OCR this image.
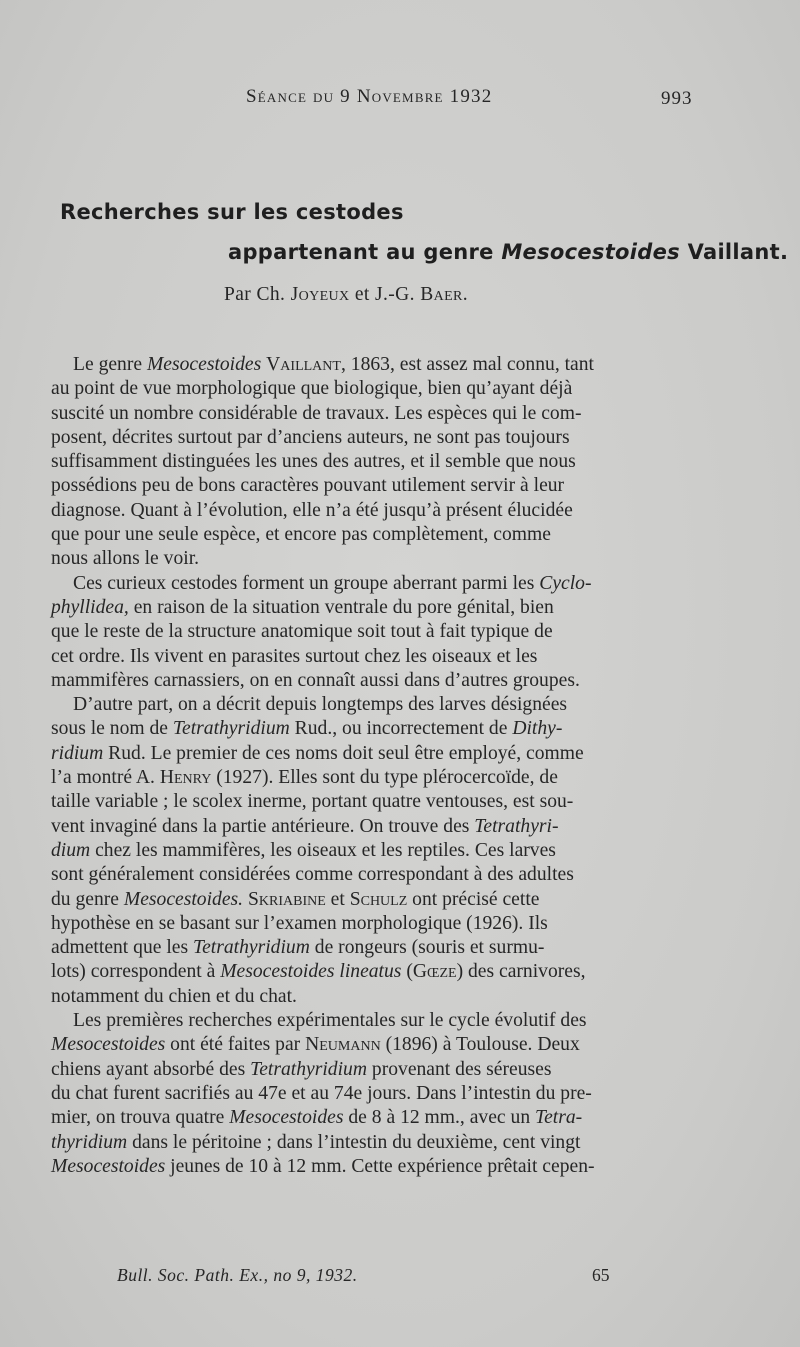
Séance du 9 Novembre 1932	993
Recherches sur les cestodes
appartenant au genre Mesocestoides Vaillant.
Par Ch. Joyeux et J.-G. Baer.
Le genre Mesocestoides Vaillant, 1863, est assez mal connu, tant
au point de vue morphologique que biologique, bien qu’ayant déjà
suscité un nombre considérable de travaux. Les espèces qui le com-
posent, décrites surtout par d’anciens auteurs, ne sont pas toujours
suffisamment distinguées les unes des autres, et il semble que nous
possédions peu de bons caractères pouvant utilement servir à leur
diagnose. Quant à l’évolution, elle n’a été jusqu’à présent élucidée
que pour une seule espèce, et encore pas complètement, comme
nous allons le voir.
Ces curieux cestodes forment un groupe aberrant parmi les Cyclo-
phyllidea, en raison de la situation ventrale du pore génital, bien
que le reste de la structure anatomique soit tout à fait typique de
cet ordre. Ils vivent en parasites surtout chez les oiseaux et les
mammifères carnassiers, on en connaît aussi dans d’autres groupes.
D’autre part, on a décrit depuis longtemps des larves désignées
sous le nom de Tetrathyridium Rud., ou incorrectement de Dithy-
ridium Rud. Le premier de ces noms doit seul être employé, comme
l’a montré A. Henry (1927). Elles sont du type plérocercoïde, de
taille variable ; le scolex inerme, portant quatre ventouses, est sou-
vent invaginé dans la partie antérieure. On trouve des Tetrathyri-
dium chez les mammifères, les oiseaux et les reptiles. Ces larves
sont généralement considérées comme correspondant à des adultes
du genre Mesocestoides. Skriabine et Schulz ont précisé cette
hypothèse en se basant sur l’examen morphologique (1926). Ils
admettent que les Tetrathyridium de rongeurs (souris et surmu-
lots) correspondent à Mesocestoides lineatus (Gœze) des carnivores,
notamment du chien et du chat.
Les premières recherches expérimentales sur le cycle évolutif des
Mesocestoides ont été faites par Neumann (1896) à Toulouse. Deux
chiens ayant absorbé des Tetrathyridium provenant des séreuses
du chat furent sacrifiés au 47e et au 74e jours. Dans l’intestin du pre-
mier, on trouva quatre Mesocestoides de 8 à 12 mm., avec un Tetra-
thyridium dans le péritoine ; dans l’intestin du deuxième, cent vingt
Mesocestoides jeunes de 10 à 12 mm. Cette expérience prêtait cepen-
Bull. Soc. Path. Ex., no 9, 1932.	65
